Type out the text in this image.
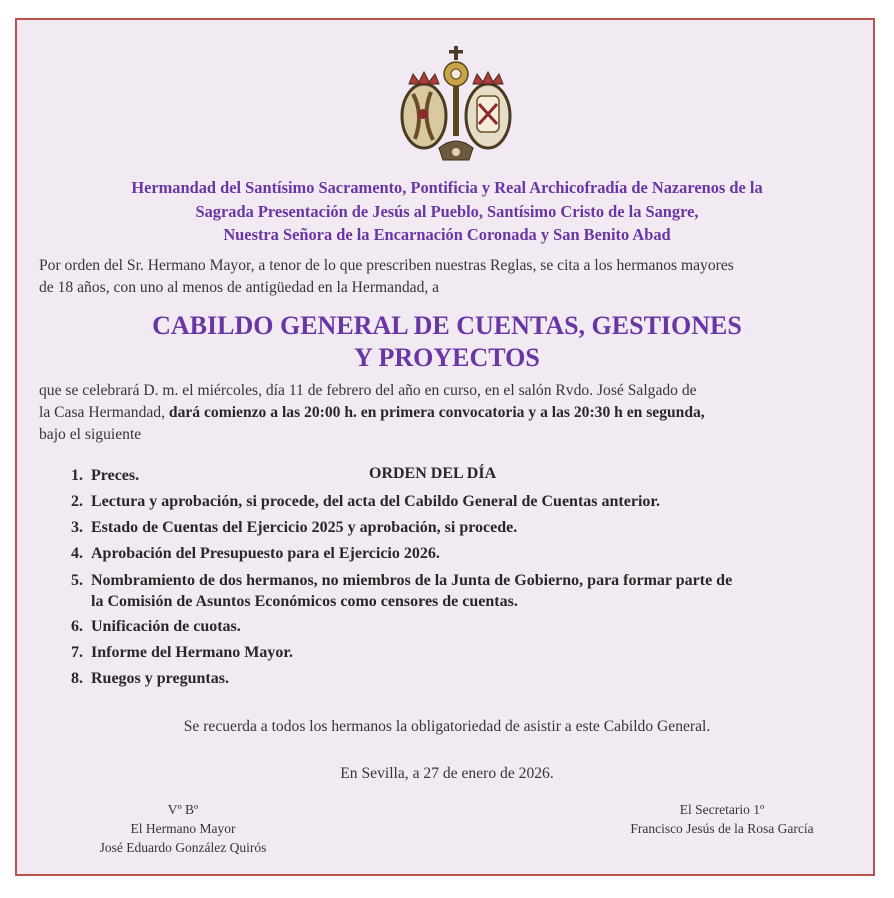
Hermandad del Santísimo Sacramento, Pontificia y Real Archicofradía de Nazarenos de la
Sagrada Presentación de Jesús al Pueblo, Santísimo Cristo de la Sangre,
Nuestra Señora de la Encarnación Coronada y San Benito Abad
Por orden del Sr. Hermano Mayor, a tenor de lo que prescriben nuestras Reglas, se cita a los hermanos mayores
de 18 años, con uno al menos de antigüedad en la Hermandad, a
CABILDO GENERAL DE CUENTAS, GESTIONES
Y PROYECTOS
que se celebrará D. m. el miércoles, día 11 de febrero del año en curso, en el salón Rvdo. José Salgado de
la Casa Hermandad, dará comienzo a las 20:00 h. en primera convocatoria y a las 20:30 h en segunda,
bajo el siguiente
ORDEN DEL DÍA
1. Preces.
2. Lectura y aprobación, si procede, del acta del Cabildo General de Cuentas anterior.
3. Estado de Cuentas del Ejercicio 2025 y aprobación, si procede.
4. Aprobación del Presupuesto para el Ejercicio 2026.
5. Nombramiento de dos hermanos, no miembros de la Junta de Gobierno, para formar parte de
la Comisión de Asuntos Económicos como censores de cuentas.
6. Unificación de cuotas.
7. Informe del Hermano Mayor.
8. Ruegos y preguntas.
Se recuerda a todos los hermanos la obligatoriedad de asistir a este Cabildo General.
En Sevilla, a 27 de enero de 2026.
Vº Bº
El Hermano Mayor
José Eduardo González Quirós
El Secretario 1º
Francisco Jesús de la Rosa García
